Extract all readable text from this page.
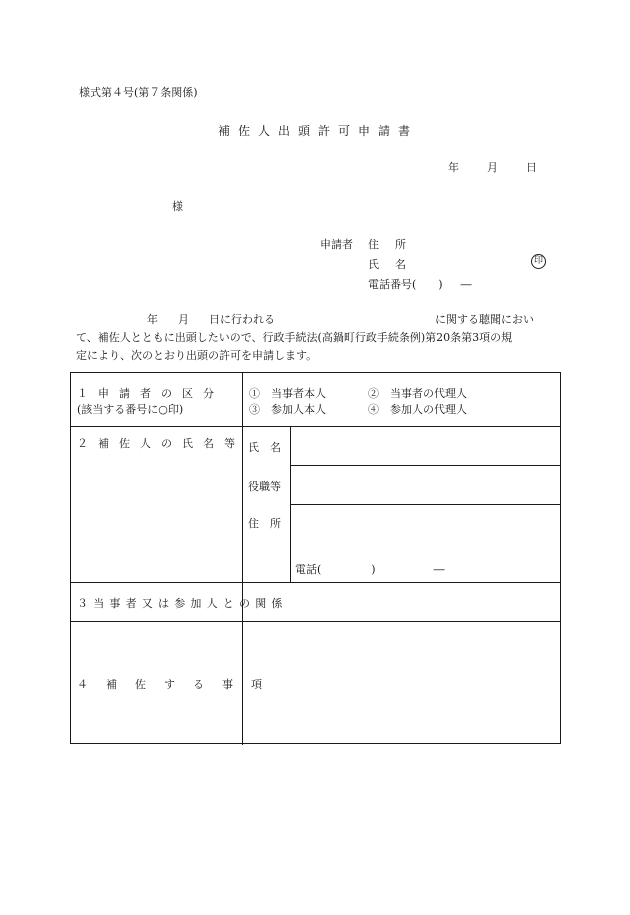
様式第４号(第７条関係)
補佐人出頭許可申請書
年	月	日
様
申請者 住所
氏名	印
電話番号( ) ―
年 月 日に行われる	に関する聴聞におい
て、補佐人とともに出頭したいので、行政手続法(高鍋町行政手続条例)第20条第3項の規
定により、次のとおり出頭の許可を申請します。
１申請者の区分
(該当する番号に○印)
①　当事者本人	②　当事者の代理人
③　参加人本人	④　参加人の代理人
２補佐人の氏名等 氏　名
役職等
住　所
電話(	)	―
３当事者又は参加人との関係
４補佐する事項
